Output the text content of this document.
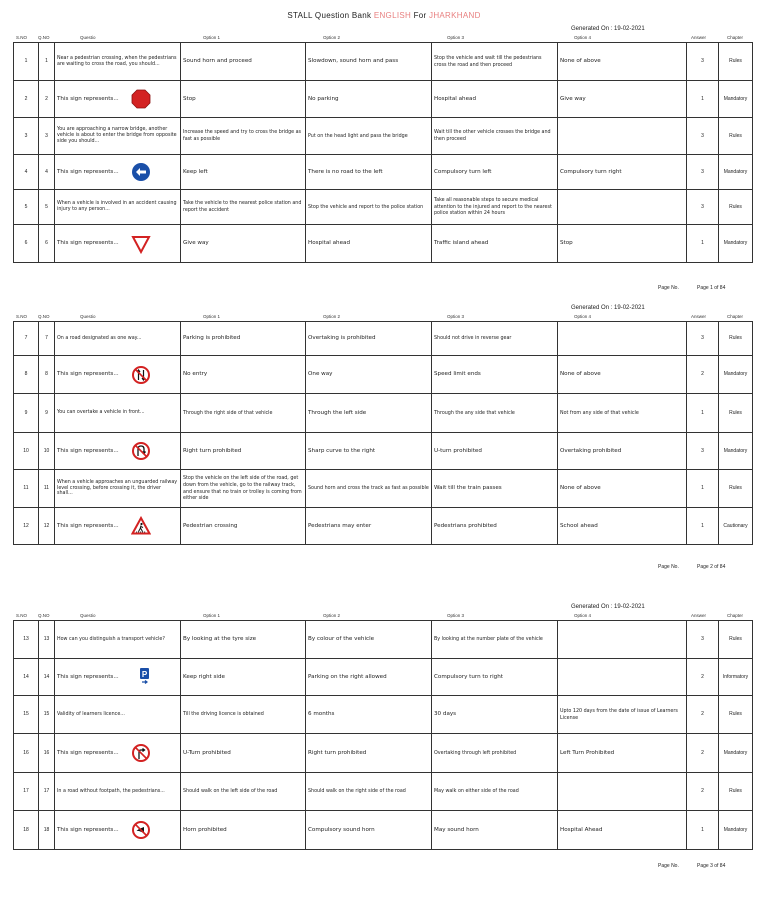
STALL Question Bank ENGLISH For JHARKHAND
Generated On : 19-02-2021
S.NO Q.NO	Questio	Option 1	Option 2	Option 3	Option 4	Answer	Chapter
1	1	Near a pedestrian crossing, when the pedestrians are waiting to cross the road, you should...	Sound horn and proceed	Slowdown, sound horn and pass	Stop the vehicle and wait till the pedestrians cross the road and then proceed	None of above	3	Rules
2	2	This sign represents...	Stop	No parking	Hospital ahead	Give way	1	Mandatory
3	3	You are approaching a narrow bridge, another vehicle is about to enter the bridge from opposite side you should...	Increase the speed and try to cross the bridge as fast as possible	Put on the head light and pass the bridge	Wait till the other vehicle crosses the bridge and then proceed		3	Rules
4	4	This sign represents...	Keep left	There is no road to the left	Compulsory turn left	Compulsory turn right	3	Mandatory
5	5	When a vehicle is involved in an accident causing injury to any person...	Take the vehicle to the nearest police station and report the accident	Stop the vehicle and report to the police station	Take all reasonable steps to secure medical attention to the injured and report to the nearest police station within 24 hours		3	Rules
6	6	This sign represents...	Give way	Hospital ahead	Traffic island ahead	Stop	1	Mandatory
Page No.	Page 1 of 84
Generated On : 19-02-2021
S.NO Q.NO	Questio	Option 1	Option 2	Option 3	Option 4	Answer	Chapter
7	7	On a road designated as one way...	Parking is prohibited	Overtaking is prohibited	Should not drive in reverse gear		3	Rules
8	8	This sign represents...	No entry	One way	Speed limit ends	None of above	2	Mandatory
9	9	You can overtake a vehicle in front...	Through the right side of that vehicle	Through the left side	Through the any side that vehicle	Not from any side of that vehicle	1	Rules
10	10	This sign represents...	Right turn prohibited	Sharp curve to the right	U-turn prohibited	Overtaking prohibited	3	Mandatory
11	11	When a vehicle approaches an unguarded railway level crossing, before crossing it, the driver shall...	Stop the vehicle on the left side of the road, get down from the vehicle, go to the railway track, and ensure that no train or trolley is coming from either side	Sound horn and cross the track as fast as possible	Wait till the train passes	None of above	1	Rules
12	12	This sign represents...	Pedestrian crossing	Pedestrians may enter	Pedestrians prohibited	School ahead	1	Cautionary
Page No.	Page 2 of 84
Generated On : 19-02-2021
S.NO Q.NO	Questio	Option 1	Option 2	Option 3	Option 4	Answer	Chapter
13	13	How can you distinguish a transport vehicle?	By looking at the tyre size	By colour of the vehicle	By looking at the number plate of the vehicle		3	Rules
14	14	This sign represents... P	Keep right side	Parking on the right allowed	Compulsory turn to right		2	Informatory
15	15	Validity of learners licence...	Till the driving licence is obtained	6 months	30 days	Upto 120 days from the date of issue of Learners License	2	Rules
16	16	This sign represents...	U-Turn prohibited	Right turn prohibited	Overtaking through left prohibited	Left Turn Prohibited	2	Mandatory
17	17	In a road without footpath, the pedestrians...	Should walk on the left side of the road	Should walk on the right side of the road	May walk on either side of the road		2	Rules
18	18	This sign represents...	Horn prohibited	Compulsory sound horn	May sound horn	Hospital Ahead	1	Mandatory
Page No.	Page 3 of 84
